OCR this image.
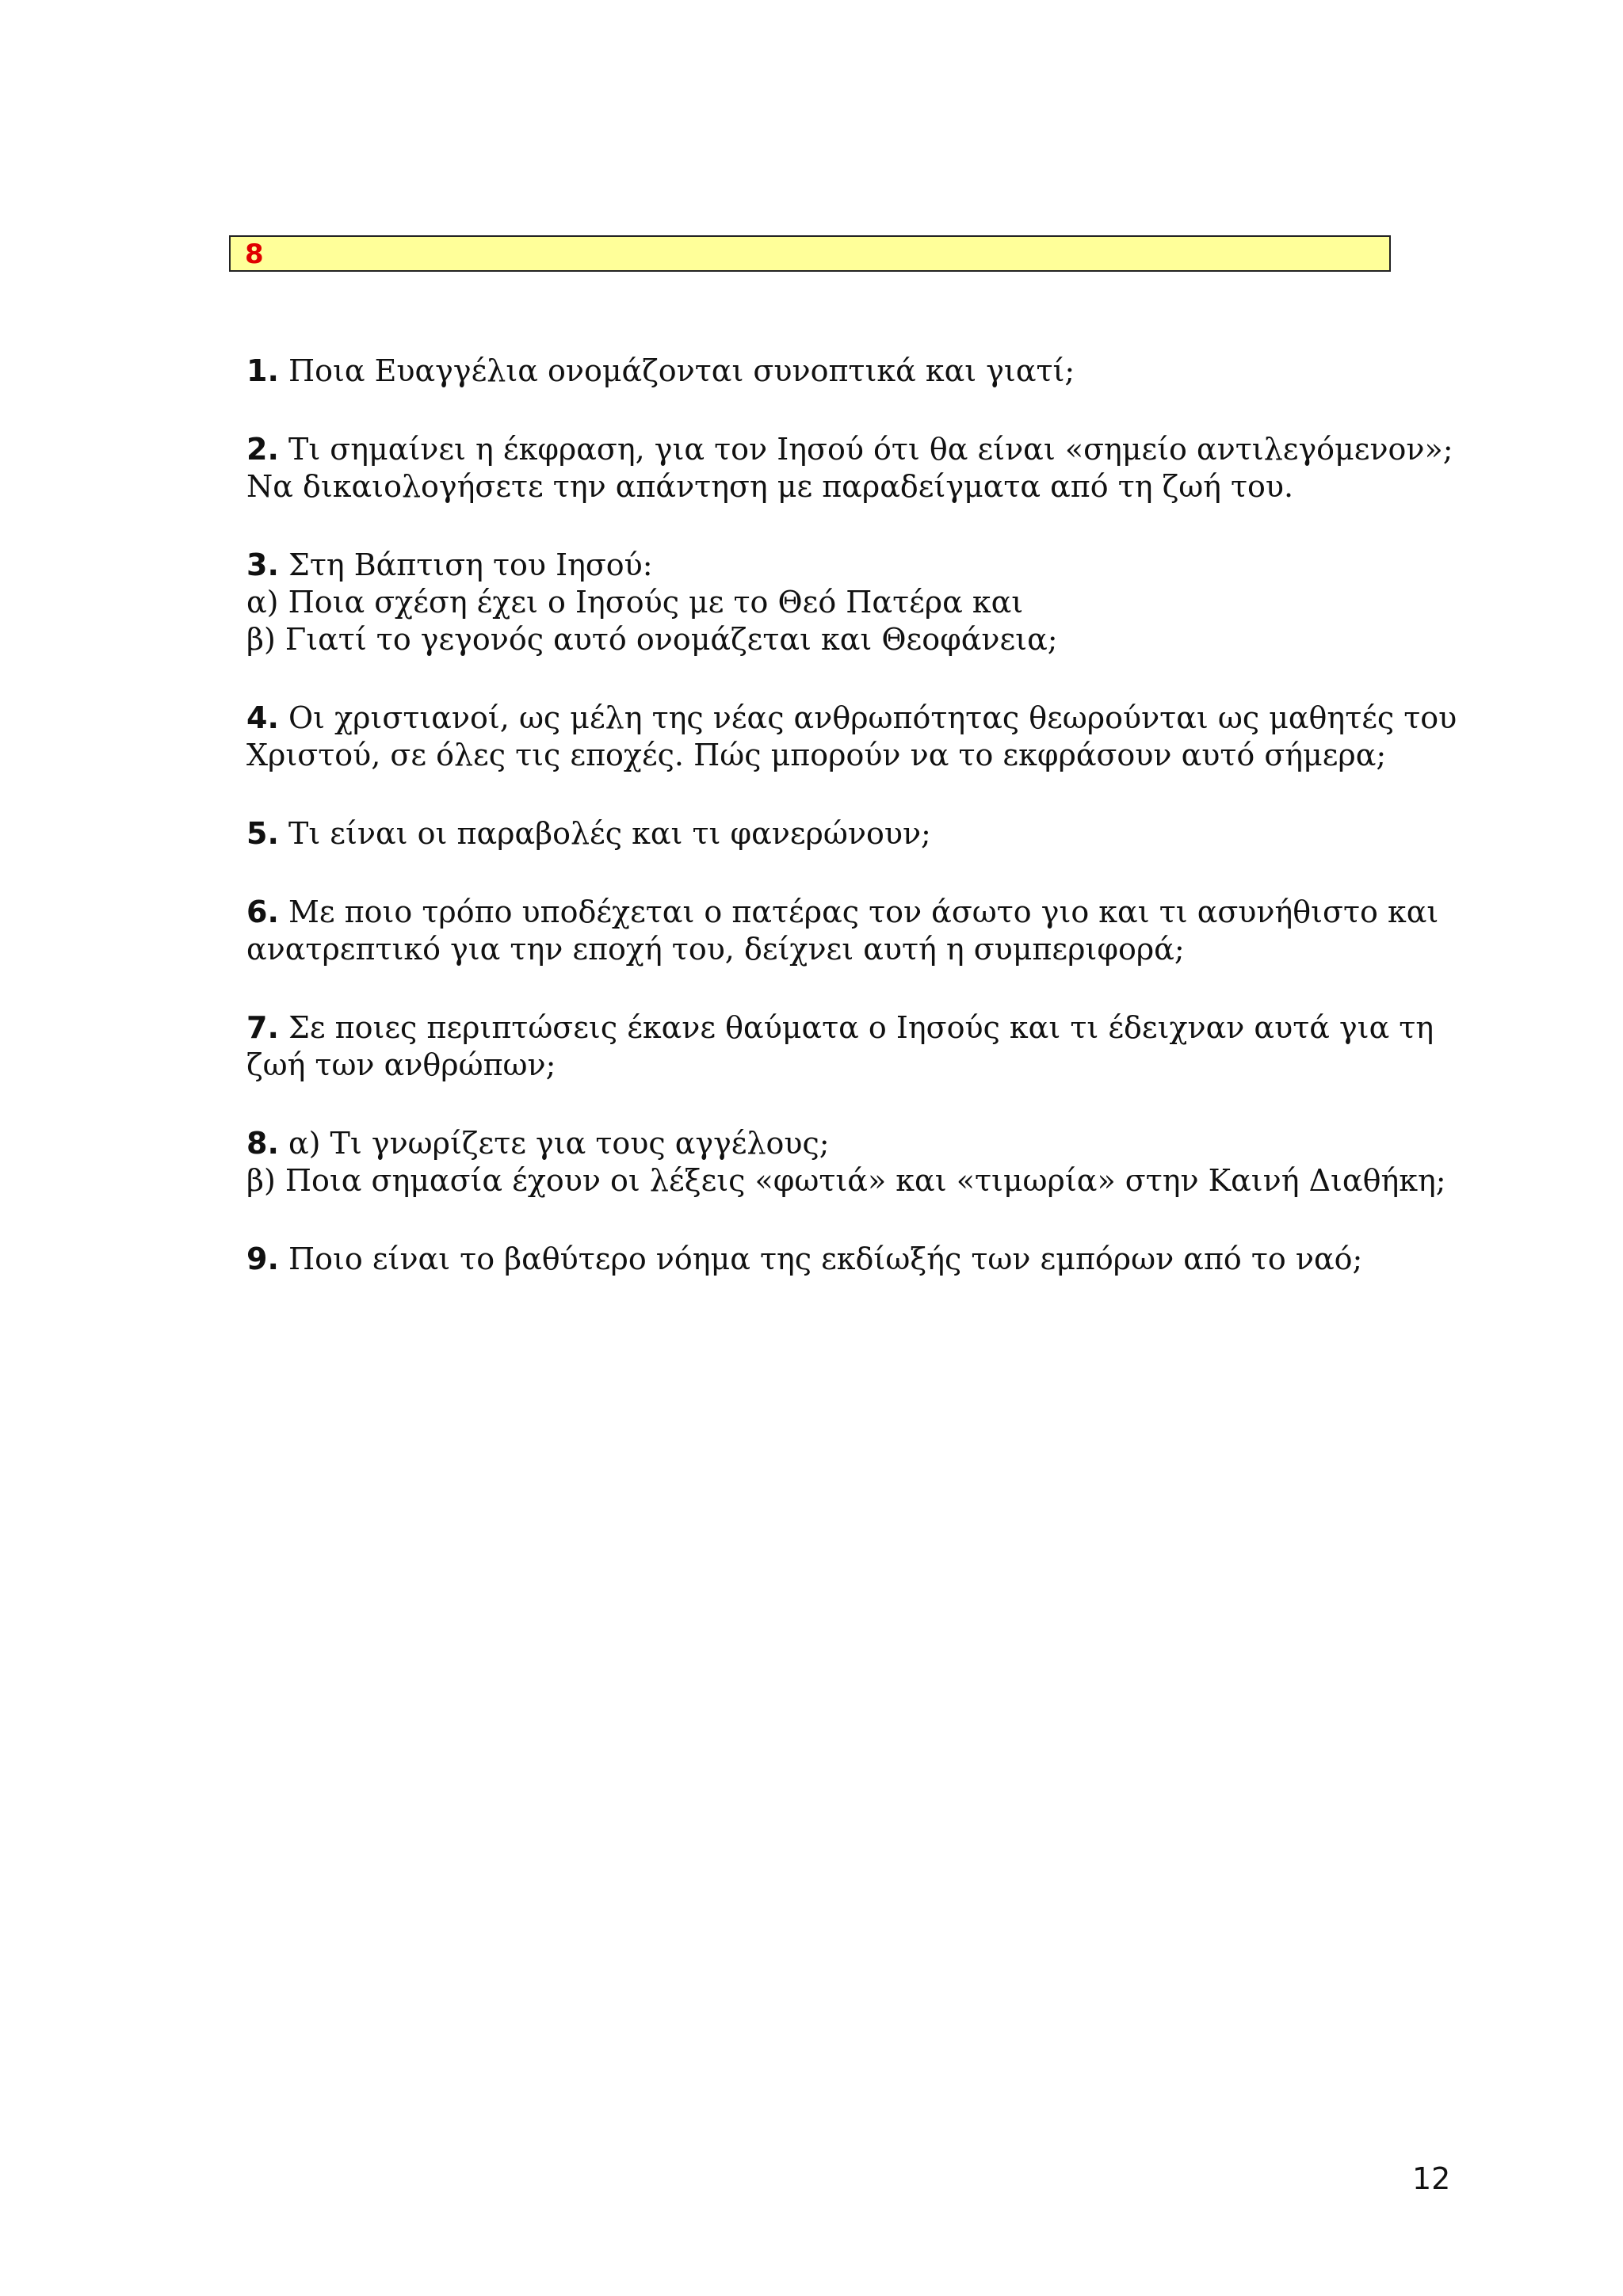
8
1. Ποια Ευαγγέλια ονομάζονται συνοπτικά και γιατί;
2. Τι σημαίνει η έκφραση, για τον Ιησού ότι θα είναι «σημείο αντιλεγόμενον»;
Να δικαιολογήσετε την απάντηση με παραδείγματα από τη ζωή του.
3. Στη Βάπτιση του Ιησού:
α) Ποια σχέση έχει ο Ιησούς με το Θεό Πατέρα και
β) Γιατί το γεγονός αυτό ονομάζεται και Θεοφάνεια;
4. Οι χριστιανοί, ως μέλη της νέας ανθρωπότητας θεωρούνται ως μαθητές του
Χριστού, σε όλες τις εποχές. Πώς μπορούν να το εκφράσουν αυτό σήμερα;
5. Τι είναι οι παραβολές και τι φανερώνουν;
6. Με ποιο τρόπο υποδέχεται ο πατέρας τον άσωτο γιο και τι ασυνήθιστο και
ανατρεπτικό για την εποχή του, δείχνει αυτή η συμπεριφορά;
7. Σε ποιες περιπτώσεις έκανε θαύματα ο Ιησούς και τι έδειχναν αυτά για τη
ζωή των ανθρώπων;
8. α) Τι γνωρίζετε για τους αγγέλους;
β) Ποια σημασία έχουν οι λέξεις «φωτιά» και «τιμωρία» στην Καινή Διαθήκη;
9. Ποιο είναι το βαθύτερο νόημα της εκδίωξής των εμπόρων από το ναό;
12
